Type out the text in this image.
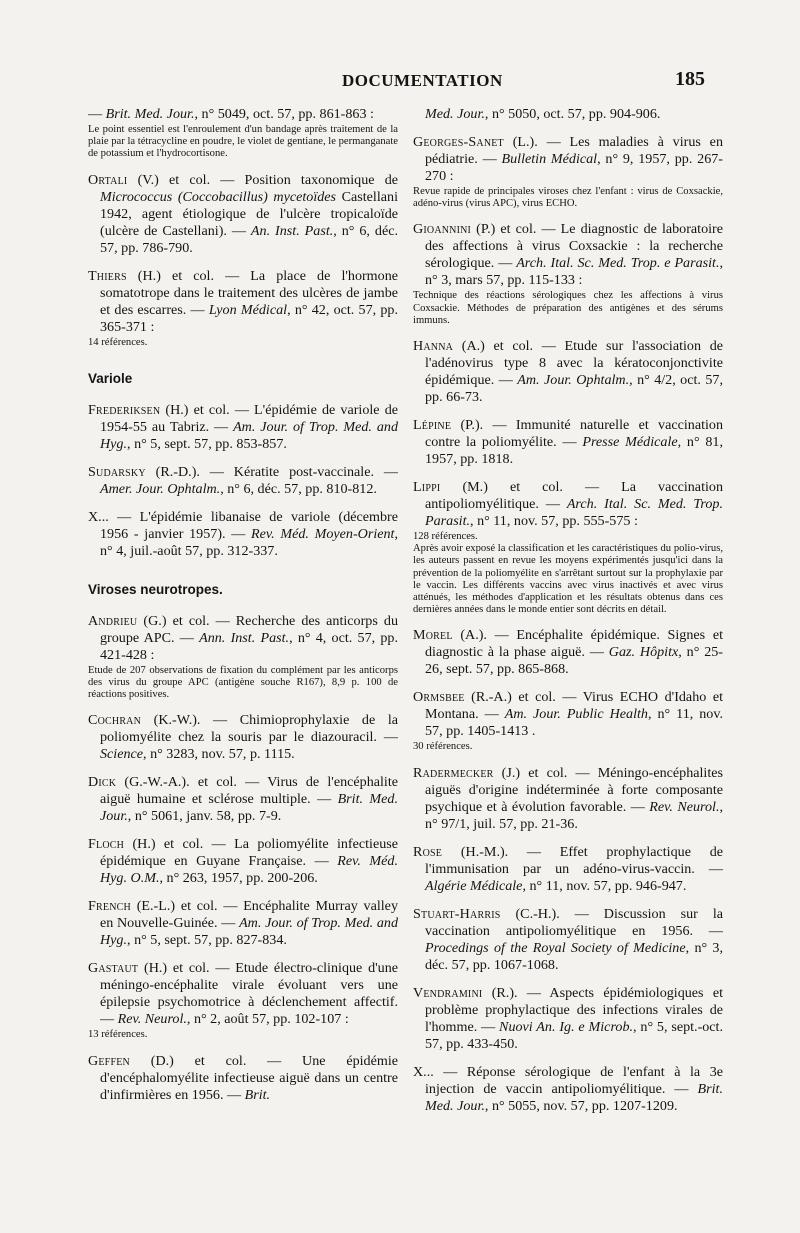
DOCUMENTATION	185

— Brit. Med. Jour., n° 5049, oct. 57, pp. 861-863 :

Le point essentiel est l'enroulement d'un bandage après traitement de la plaie par la tétracycline en poudre, le violet de gentiane, le permanganate de potassium et l'hydrocortisone.

Ortali (V.) et col. — Position taxonomique de Micrococcus (Coccobacillus) mycetoïdes Castellani 1942, agent étiologique de l'ulcère tropicaloïde (ulcère de Castellani). — An. Inst. Past., n° 6, déc. 57, pp. 786-790.

Thiers (H.) et col. — La place de l'hormone somatotrope dans le traitement des ulcères de jambe et des escarres. — Lyon Médical, n° 42, oct. 57, pp. 365-371 :

14 références.
Variole

Frederiksen (H.) et col. — L'épidémie de variole de 1954-55 au Tabriz. — Am. Jour. of Trop. Med. and Hyg., n° 5, sept. 57, pp. 853-857.

Sudarsky (R.-D.). — Kératite post-vaccinale. — Amer. Jour. Ophtalm., n° 6, déc. 57, pp. 810-812.

X... — L'épidémie libanaise de variole (décembre 1956 - janvier 1957). — Rev. Méd. Moyen-Orient, n° 4, juil.-août 57, pp. 312-337.

Viroses neurotropes.

Andrieu (G.) et col. — Recherche des anticorps du groupe APC. — Ann. Inst. Past., n° 4, oct. 57, pp. 421-428 :

Etude de 207 observations de fixation du complément par les anticorps des virus du groupe APC (antigène souche R167), 8,9 p. 100 de réactions positives.

Cochran (K.-W.). — Chimioprophylaxie de la poliomyélite chez la souris par le diazouracil. — Science, n° 3283, nov. 57, p. 1115.

Dick (G.-W.-A.). et col. — Virus de l'encéphalite aiguë humaine et sclérose multiple. — Brit. Med. Jour., n° 5061, janv. 58, pp. 7-9.

Floch (H.) et col. — La poliomyélite infectieuse épidémique en Guyane Française. — Rev. Méd. Hyg. O.M., n° 263, 1957, pp. 200-206.

French (E.-L.) et col. — Encéphalite Murray valley en Nouvelle-Guinée. — Am. Jour. of Trop. Med. and Hyg., n° 5, sept. 57, pp. 827-834.

Gastaut (H.) et col. — Etude électro-clinique d'une méningo-encéphalite virale évoluant vers une épilepsie psychomotrice à déclenchement affectif. — Rev. Neurol., n° 2, août 57, pp. 102-107 :

13 références.

Geffen (D.) et col. — Une épidémie d'encéphalomyélite infectieuse aiguë dans un centre d'infirmières en 1956. — Brit.

Med. Jour., n° 5050, oct. 57, pp. 904-906.

Georges-Sanet (L.). — Les maladies à virus en pédiatrie. — Bulletin Médical, n° 9, 1957, pp. 267-270 :

Revue rapide de principales viroses chez l'enfant : virus de Coxsackie, adéno-virus (virus APC), virus ECHO.

Gioannini (P.) et col. — Le diagnostic de laboratoire des affections à virus Coxsackie : la recherche sérologique. — Arch. Ital. Sc. Med. Trop. e Parasit., n° 3, mars 57, pp. 115-133 :

Technique des réactions sérologiques chez les affections à virus Coxsackie. Méthodes de préparation des antigènes et des sérums immuns.

Hanna (A.) et col. — Etude sur l'association de l'adénovirus type 8 avec la kératoconjonctivite épidémique. — Am. Jour. Ophtalm., n° 4/2, oct. 57, pp. 66-73.

Lépine (P.). — Immunité naturelle et vaccination contre la poliomyélite. — Presse Médicale, n° 81, 1957, pp. 1818.

Lippi (M.) et col. — La vaccination antipoliomyélitique. — Arch. Ital. Sc. Med. Trop. Parasit., n° 11, nov. 57, pp. 555-575 :

128 références.
Après avoir exposé la classification et les caractéristiques du polio-virus, les auteurs passent en revue les moyens expérimentés jusqu'ici dans la prévention de la poliomyélite en s'arrêtant surtout sur la prophylaxie par le vaccin. Les différents vaccins avec virus inactivés et avec virus atténués, les méthodes d'application et les résultats obtenus dans ces dernières années dans le monde entier sont décrits en détail.

Morel (A.). — Encéphalite épidémique. Signes et diagnostic à la phase aiguë. — Gaz. Hôpitx, n° 25-26, sept. 57, pp. 865-868.

Ormsbee (R.-A.) et col. — Virus ECHO d'Idaho et Montana. — Am. Jour. Public Health, n° 11, nov. 57, pp. 1405-1413 .

30 références.

Radermecker (J.) et col. — Méningo-encéphalites aiguës d'origine indéterminée à forte composante psychique et à évolution favorable. — Rev. Neurol., n° 97/1, juil. 57, pp. 21-36.

Rose (H.-M.). — Effet prophylactique de l'immunisation par un adéno-virus-vaccin. — Algérie Médicale, n° 11, nov. 57, pp. 946-947.

Stuart-Harris (C.-H.). — Discussion sur la vaccination antipoliomyélitique en 1956. — Procedings of the Royal Society of Medicine, n° 3, déc. 57, pp. 1067-1068.

Vendramini (R.). — Aspects épidémiologiques et problème prophylactique des infections virales de l'homme. — Nuovi An. Ig. e Microb., n° 5, sept.-oct. 57, pp. 433-450.

X... — Réponse sérologique de l'enfant à la 3e injection de vaccin antipoliomyélitique. — Brit. Med. Jour., n° 5055, nov. 57, pp. 1207-1209.
